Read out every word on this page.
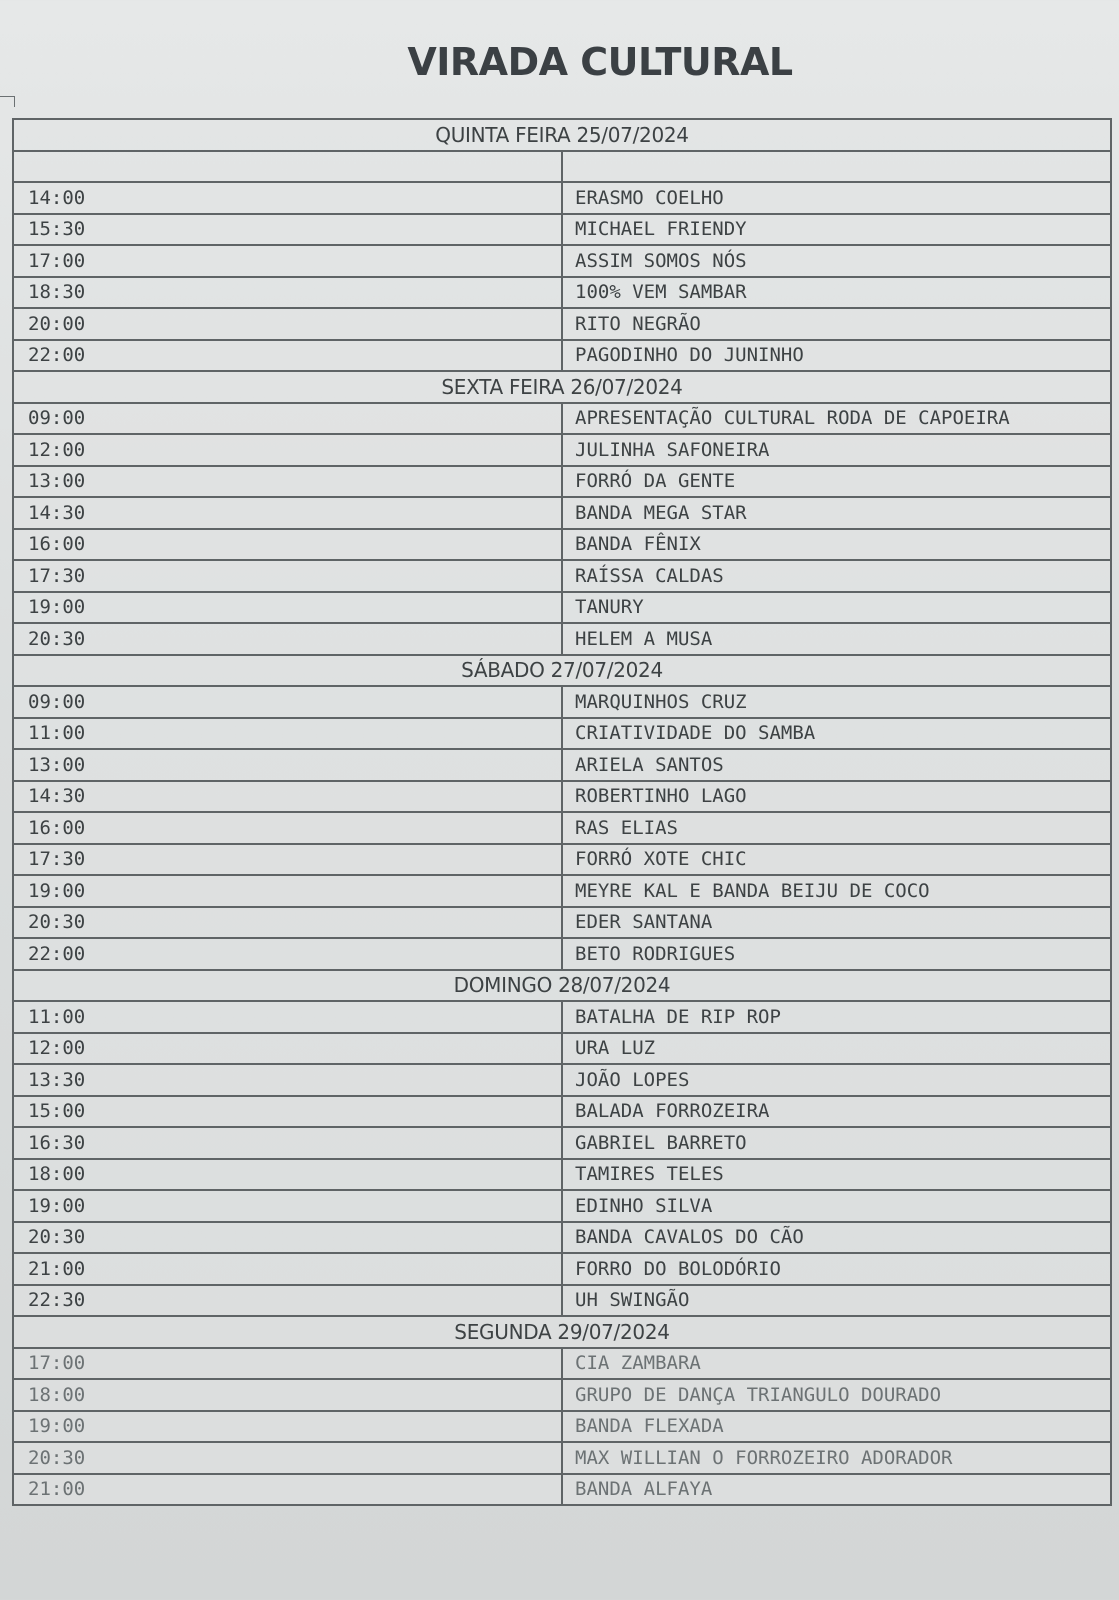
VIRADA CULTURAL
QUINTA FEIRA 25/07/2024	

14:00	ERASMO COELHO
15:30	MICHAEL FRIENDY
17:00	ASSIM SOMOS NÓS
18:30	100% VEM SAMBAR
20:00	RITO NEGRÃO
22:00	PAGODINHO DO JUNINHO
SEXTA FEIRA 26/07/2024	
09:00	APRESENTAÇÃO CULTURAL RODA DE CAPOEIRA
12:00	JULINHA SAFONEIRA
13:00	FORRÓ DA GENTE
14:30	BANDA MEGA STAR
16:00	BANDA FÊNIX
17:30	RAÍSSA CALDAS
19:00	TANURY
20:30	HELEM A MUSA
SÁBADO 27/07/2024	
09:00	MARQUINHOS CRUZ
11:00	CRIATIVIDADE DO SAMBA
13:00	ARIELA SANTOS
14:30	ROBERTINHO LAGO
16:00	RAS ELIAS
17:30	FORRÓ XOTE CHIC
19:00	MEYRE KAL E BANDA BEIJU DE COCO
20:30	EDER SANTANA
22:00	BETO RODRIGUES
DOMINGO 28/07/2024	
11:00	BATALHA DE RIP ROP
12:00	URA LUZ
13:30	JOÃO LOPES
15:00	BALADA FORROZEIRA
16:30	GABRIEL BARRETO
18:00	TAMIRES TELES
19:00	EDINHO SILVA
20:30	BANDA CAVALOS DO CÃO
21:00	FORRO DO BOLODÓRIO
22:30	UH SWINGÃO
SEGUNDA 29/07/2024	
17:00	CIA ZAMBARA
18:00	GRUPO DE DANÇA TRIANGULO DOURADO
19:00	BANDA FLEXADA
20:30	MAX WILLIAN O FORROZEIRO ADORADOR
21:00	BANDA ALFAYA
